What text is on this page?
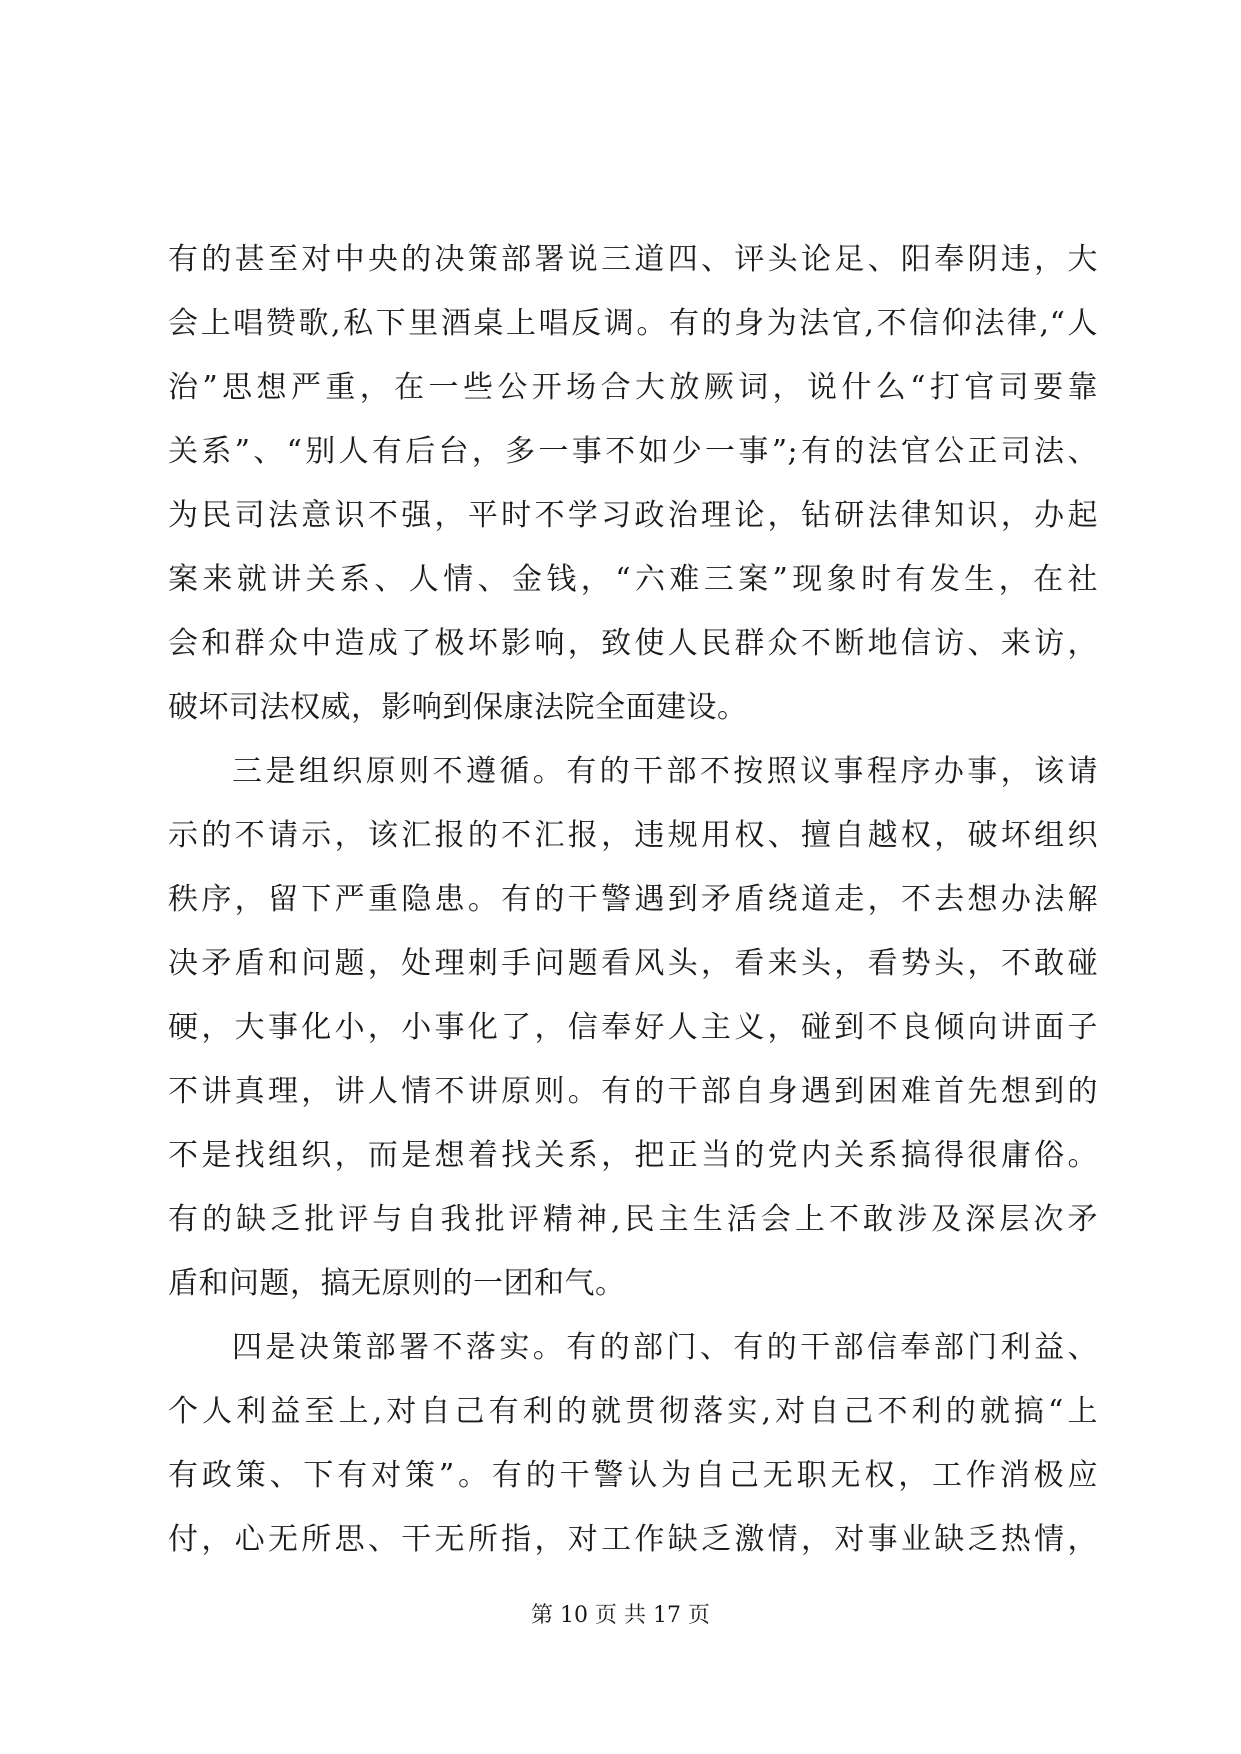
有的甚至对中央的决策部署说三道四、评头论足、阳奉阴违，大
会上唱赞歌,私下里酒桌上唱反调。有的身为法官,不信仰法律,“人
治”思想严重，在一些公开场合大放厥词，说什么“打官司要靠
关系”、“别人有后台，多一事不如少一事”;有的法官公正司法、
为民司法意识不强，平时不学习政治理论，钻研法律知识，办起
案来就讲关系、人情、金钱，“六难三案”现象时有发生，在社
会和群众中造成了极坏影响，致使人民群众不断地信访、来访，
破坏司法权威，影响到保康法院全面建设。
三是组织原则不遵循。有的干部不按照议事程序办事，该请
示的不请示，该汇报的不汇报，违规用权、擅自越权，破坏组织
秩序，留下严重隐患。有的干警遇到矛盾绕道走，不去想办法解
决矛盾和问题，处理刺手问题看风头，看来头，看势头，不敢碰
硬，大事化小，小事化了，信奉好人主义，碰到不良倾向讲面子
不讲真理，讲人情不讲原则。有的干部自身遇到困难首先想到的
不是找组织，而是想着找关系，把正当的党内关系搞得很庸俗。
有的缺乏批评与自我批评精神,民主生活会上不敢涉及深层次矛
盾和问题，搞无原则的一团和气。
四是决策部署不落实。有的部门、有的干部信奉部门利益、
个人利益至上,对自己有利的就贯彻落实,对自己不利的就搞“上
有政策、下有对策”。有的干警认为自己无职无权，工作消极应
付，心无所思、干无所指，对工作缺乏激情，对事业缺乏热情，
第 10 页 共 17 页
